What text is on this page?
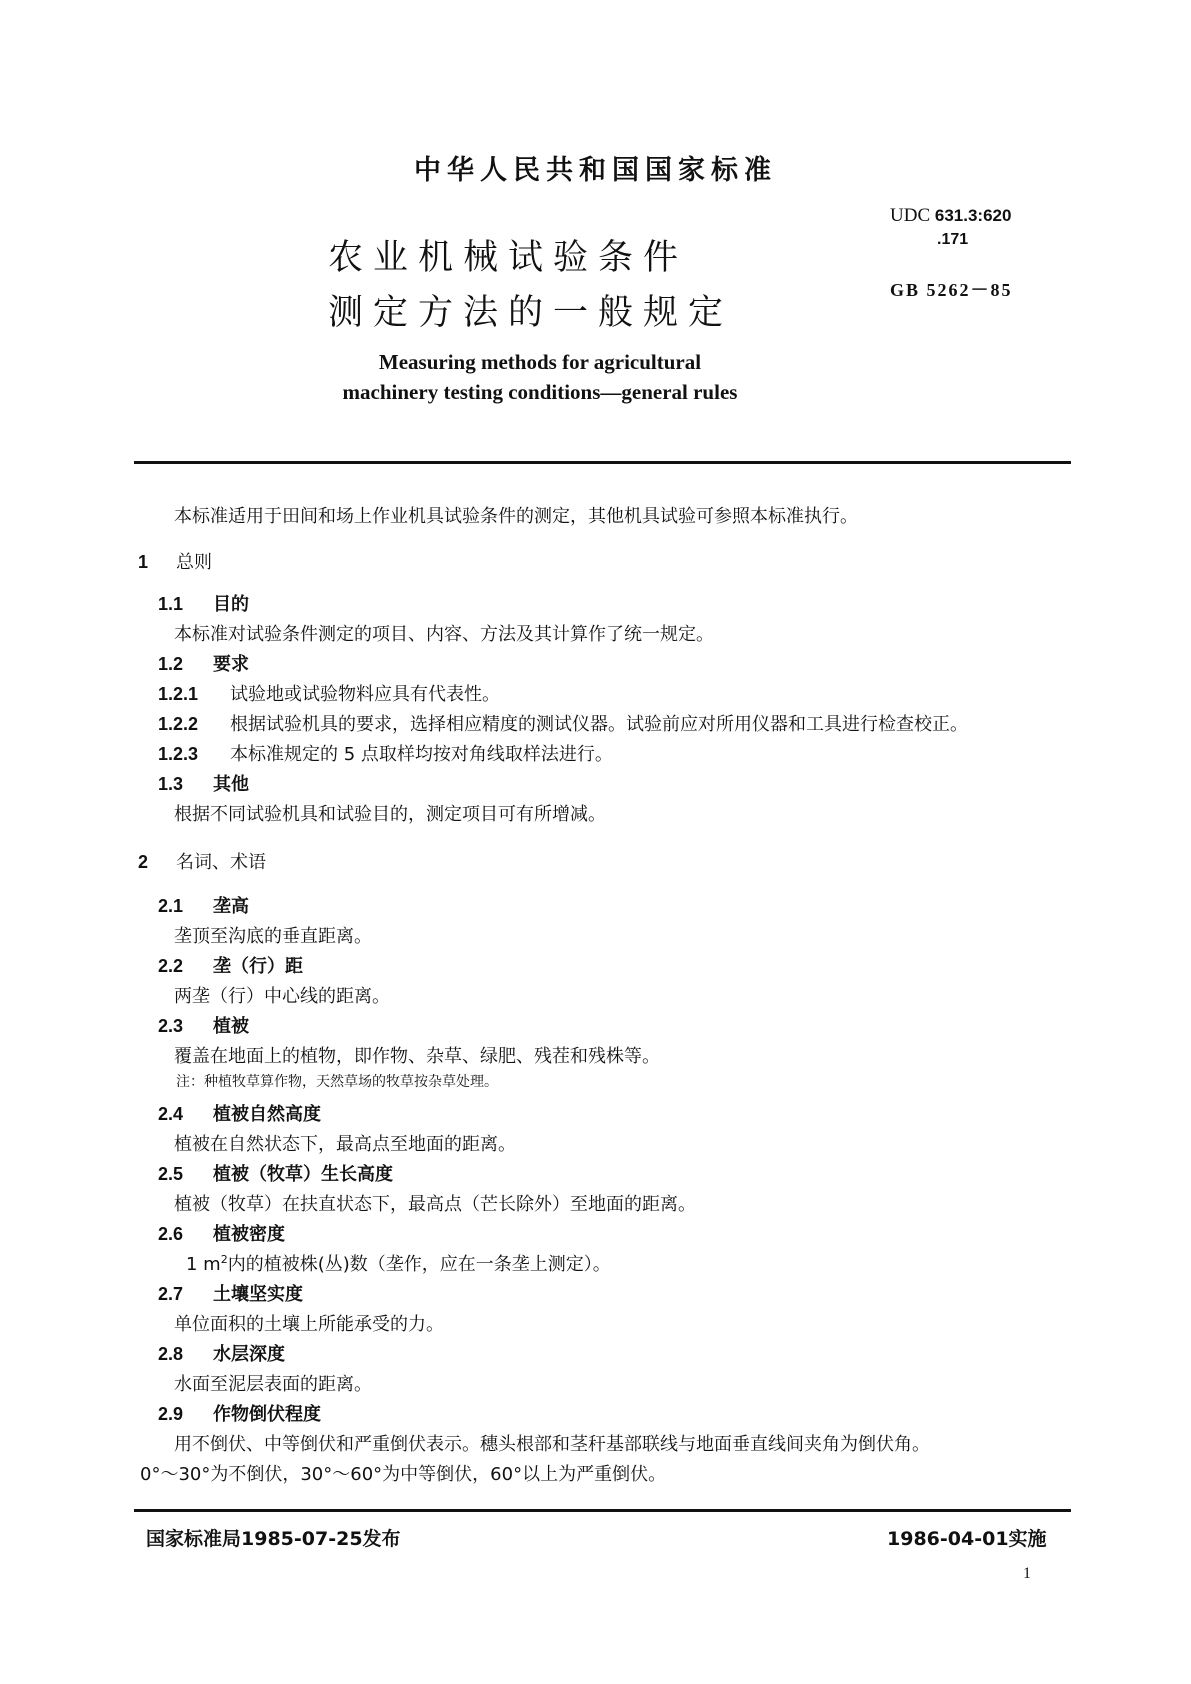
中华人民共和国国家标准
UDC 631.3:620
.171
GB 5262－85
农业机械试验条件
测定方法的一般规定
Measuring methods for agricultural
machinery testing conditions—general rules
本标准适用于田间和场上作业机具试验条件的测定，其他机具试验可参照本标准执行。
1 总则
1.1 目的
本标准对试验条件测定的项目、内容、方法及其计算作了统一规定。
1.2 要求
1.2.1 试验地或试验物料应具有代表性。
1.2.2 根据试验机具的要求，选择相应精度的测试仪器。试验前应对所用仪器和工具进行检查校正。
1.2.3 本标准规定的 5 点取样均按对角线取样法进行。
1.3 其他
根据不同试验机具和试验目的，测定项目可有所增减。
2 名词、术语
2.1 垄高
垄顶至沟底的垂直距离。
2.2 垄（行）距
两垄（行）中心线的距离。
2.3 植被
覆盖在地面上的植物，即作物、杂草、绿肥、残茬和残株等。
注：种植牧草算作物，天然草场的牧草按杂草处理。
2.4 植被自然高度
植被在自然状态下，最高点至地面的距离。
2.5 植被（牧草）生长高度
植被（牧草）在扶直状态下，最高点（芒长除外）至地面的距离。
2.6 植被密度
1 $m^2$内的植被株(丛)数（垄作，应在一条垄上测定）。
2.7 土壤坚实度
单位面积的土壤上所能承受的力。
2.8 水层深度
水面至泥层表面的距离。
2.9 作物倒伏程度
用不倒伏、中等倒伏和严重倒伏表示。穗头根部和茎秆基部联线与地面垂直线间夹角为倒伏角。
0°～30°为不倒伏，30°～60°为中等倒伏，60°以上为严重倒伏。
国家标准局1985-07-25发布	1986-04-01实施
1
